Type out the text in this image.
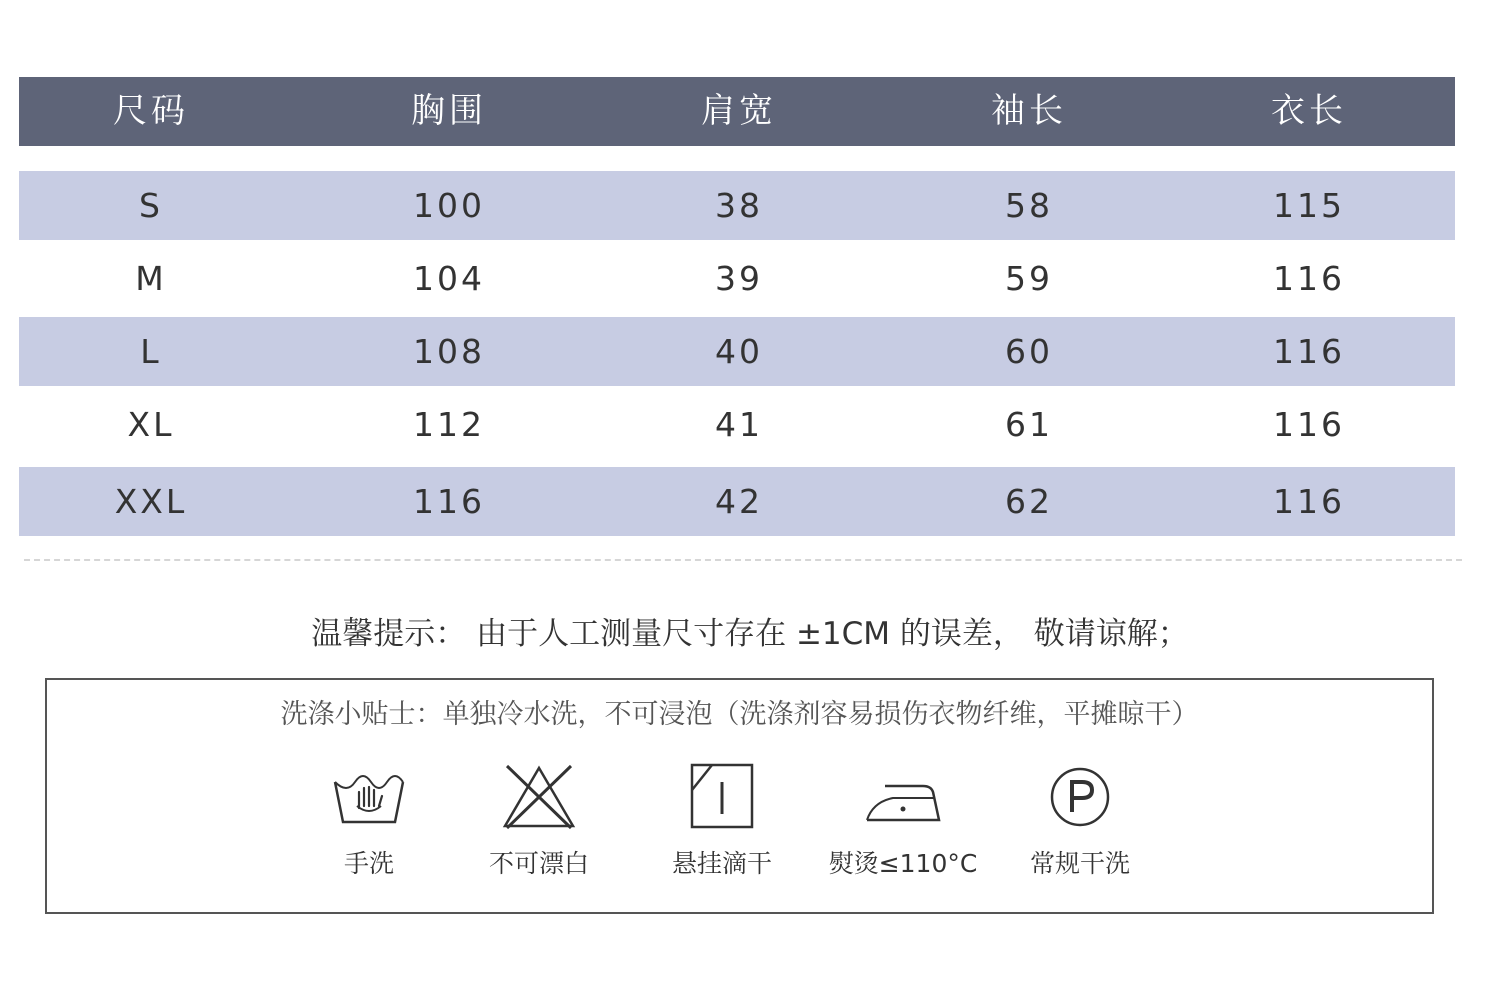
尺码	胸围	肩宽	袖长	衣长
S	100	38	58	115
M	104	39	59	116
L	108	40	60	116
XL	112	41	61	116
XXL	116	42	62	116
温馨提示： 由于人工测量尺寸存在 ±1CM 的误差， 敬请谅解；
洗涤小贴士：单独冷水洗，不可浸泡（洗涤剂容易损伤衣物纤维，平摊晾干）
手洗	不可漂白	悬挂滴干	熨烫≤110°C	常规干洗
